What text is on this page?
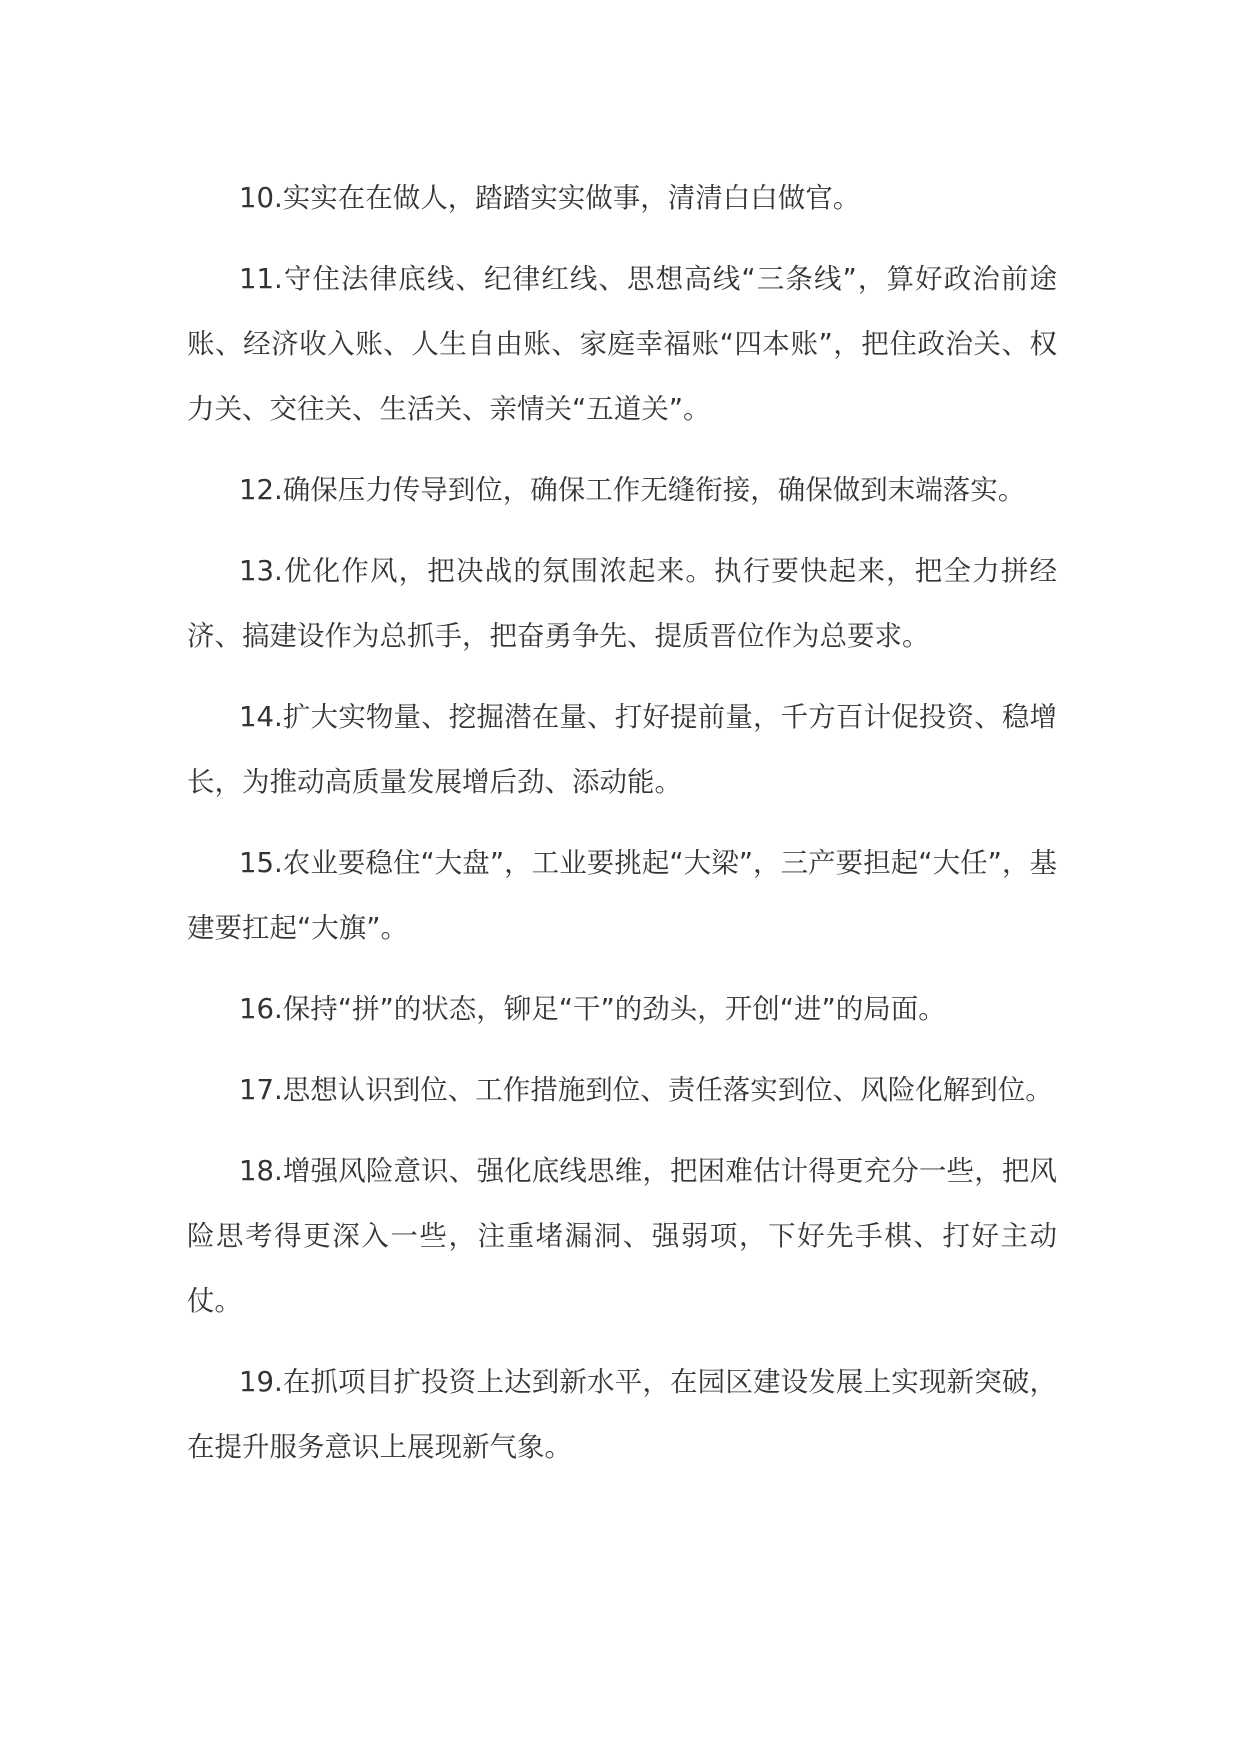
10.实实在在做人，踏踏实实做事，清清白白做官。

11.守住法律底线、纪律红线、思想高线“三条线”，算好政治前途账、经济收入账、人生自由账、家庭幸福账“四本账”，把住政治关、权力关、交往关、生活关、亲情关“五道关”。

12.确保压力传导到位，确保工作无缝衔接，确保做到末端落实。

13.优化作风，把决战的氛围浓起来。执行要快起来，把全力拼经济、搞建设作为总抓手，把奋勇争先、提质晋位作为总要求。

14.扩大实物量、挖掘潜在量、打好提前量，千方百计促投资、稳增长，为推动高质量发展增后劲、添动能。

15.农业要稳住“大盘”，工业要挑起“大梁”，三产要担起“大任”，基建要扛起“大旗”。

16.保持“拼”的状态，铆足“干”的劲头，开创“进”的局面。

17.思想认识到位、工作措施到位、责任落实到位、风险化解到位。

18.增强风险意识、强化底线思维，把困难估计得更充分一些，把风险思考得更深入一些，注重堵漏洞、强弱项，下好先手棋、打好主动仗。

19.在抓项目扩投资上达到新水平，在园区建设发展上实现新突破，在提升服务意识上展现新气象。
